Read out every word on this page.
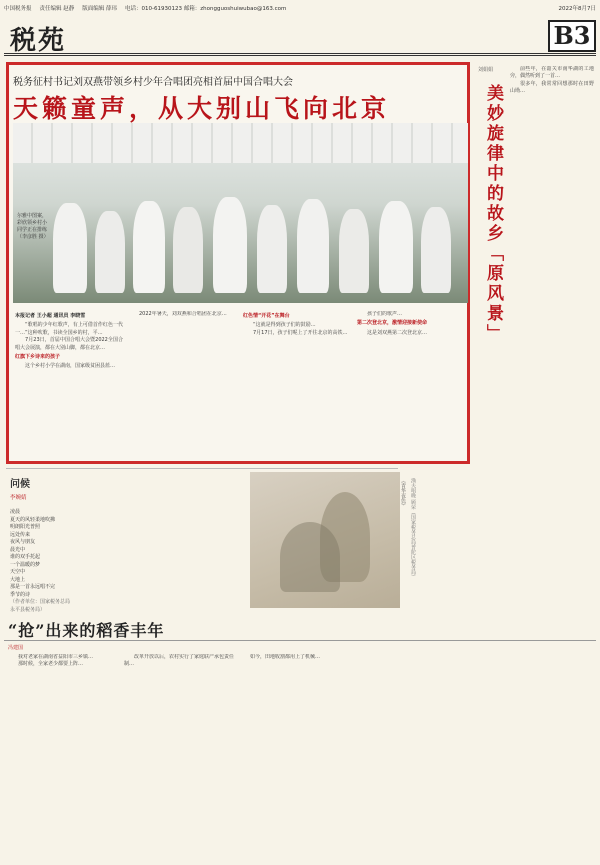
中国税务报 责任编辑 赵静 版面编辑 薛玮 电话：010-61930123 邮箱：zhongguoshuiwubao@163.com	2022年8月7日
税苑	B3
税务征村书记刘双燕带领乡村少年合唱团亮相首届中国合唱大会
天籁童声，从大别山飞向北京
尔雅中图案，彩欣领乡村小同学正在排练（李彦胜 摄）
本报记者 王小超 通讯员 李晓雪

“歌唱的少年红歌声，有上可借首作红色一代一…”这种吹歌，书读全国乡的村，平…

7月23日，首届中国合唱大会暨2022全国合唱大会展演，都在大别山脚，都在北京…

红旗下乡诗来的孩子

这个乡村小学在湖南，国家级贫困县蓝…

2022年暑天，刘双燕和合唱团在北京…	红色情“开花”在舞台

“这就是得到孩子们的鼓励…

7月17日，孩子们呢上了开往北京的高铁…

孩子们的歌声…

第二次登北京，激情迎接新使命

这是刘双燕第二次登北京…

刘娟娟
美妙旋律中的故乡「原风景」

前些年，在韶关市南华湖的工地旁，偶然听到了一首…

很多年，我常常回想那时在田野山坳…

问候
李婉婧
凌晨
夏天的风轻柔地吹拂
明朗阳光普照
远处传来
夜风与朋友
晨光中
谁的双手托起
一个温暖的梦
天空中
大地上
那是一首永远唱不完
季节的诗
（作者单位：国家税务总局永平县税务局）
《青华夜色》 渔夫唱晚 顾荣（国家税务总局普陀区税务局）
“抢”出来的稻香丰年
冯建国

我对老家在湖南省益阳市三乡镇…

那时候，全家老少都要上阵…

改革开放以后，农村实行了家庭联产承包责任制…

如今，田地收割都用上了机械…
